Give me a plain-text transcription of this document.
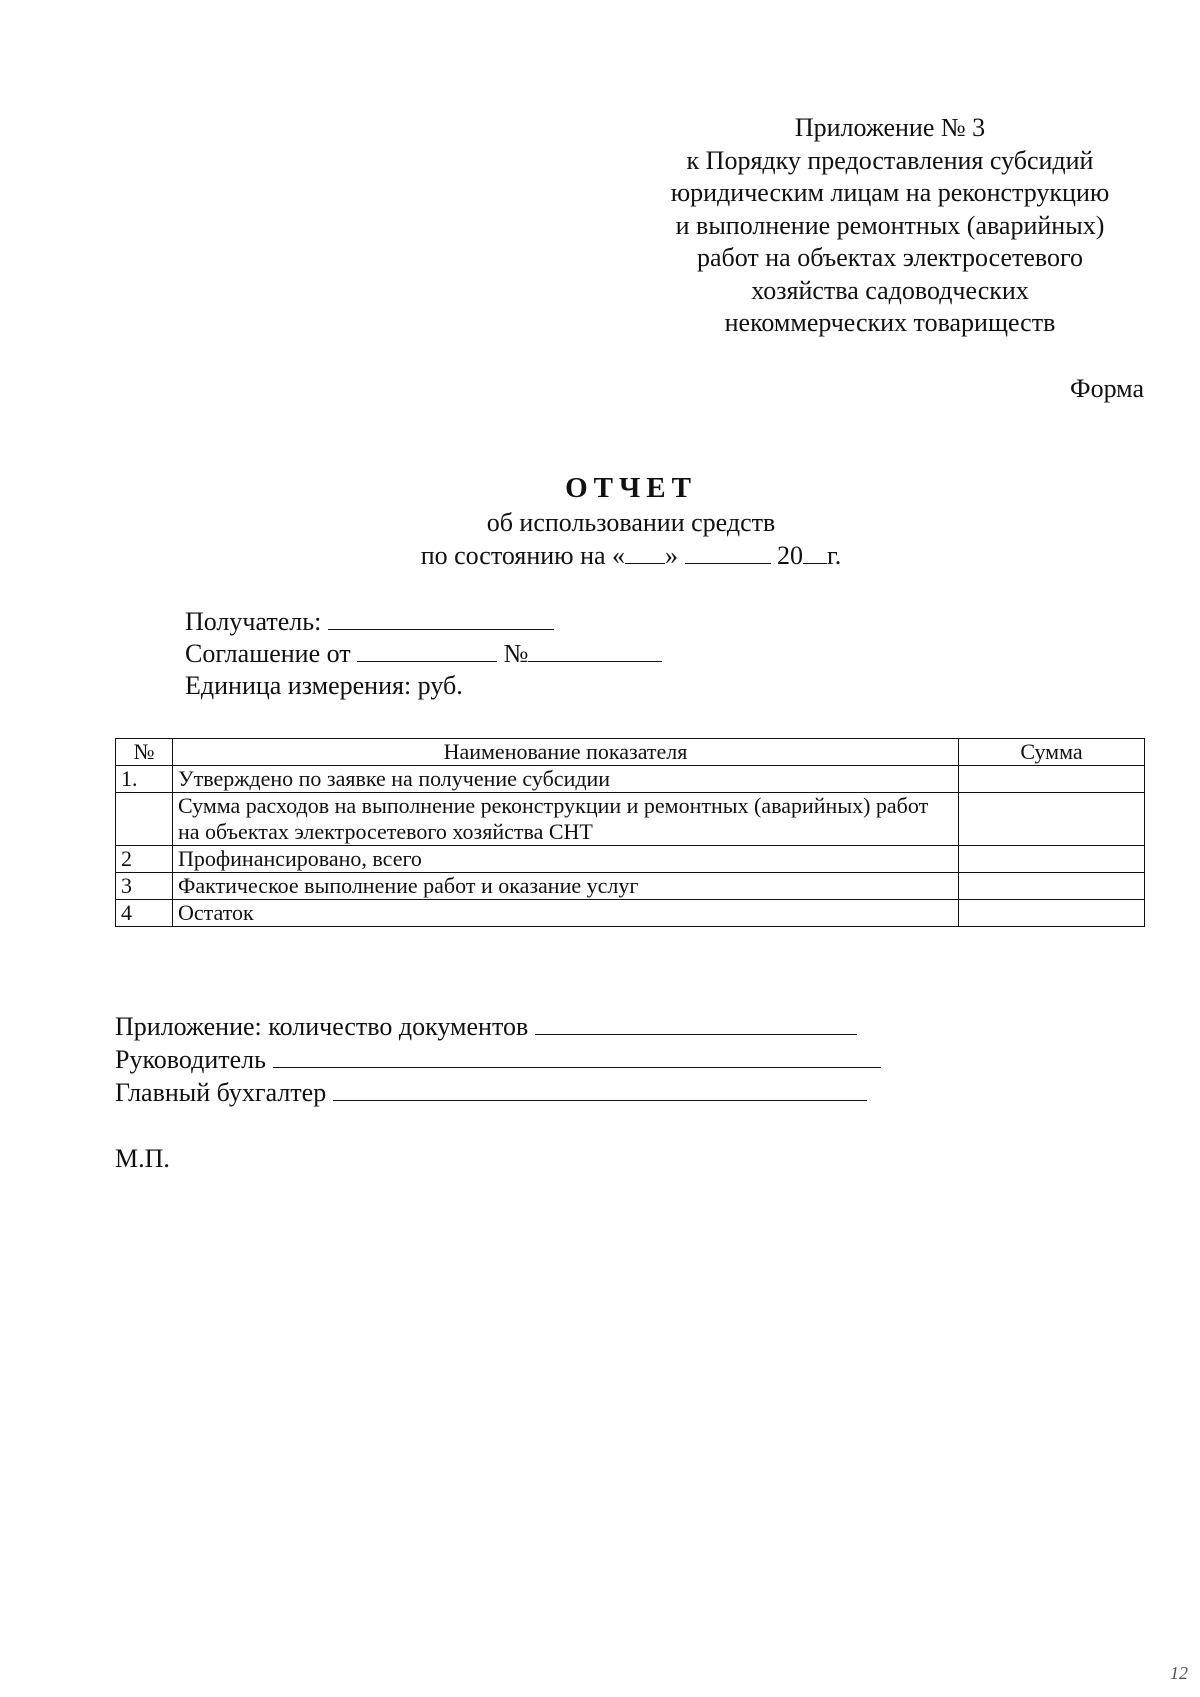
Приложение № 3
к Порядку предоставления субсидий
юридическим лицам на реконструкцию
и выполнение ремонтных (аварийных)
работ на объектах электросетевого
хозяйства садоводческих
некоммерческих товариществ
Форма
ОТЧЕТ
об использовании средств
по состоянию на « »	20 г.
Получатель:
Соглашение от	№
Единица измерения: руб.
№	Наименование показателя	Сумма
1.	Утверждено по заявке на получение субсидии	
	Сумма расходов на выполнение реконструкции и ремонтных (аварийных) работ на объектах электросетевого хозяйства СНТ	
2	Профинансировано, всего	
3	Фактическое выполнение работ и оказание услуг	
4	Остаток	
Приложение: количество документов
Руководитель
Главный бухгалтер
М.П.
12
